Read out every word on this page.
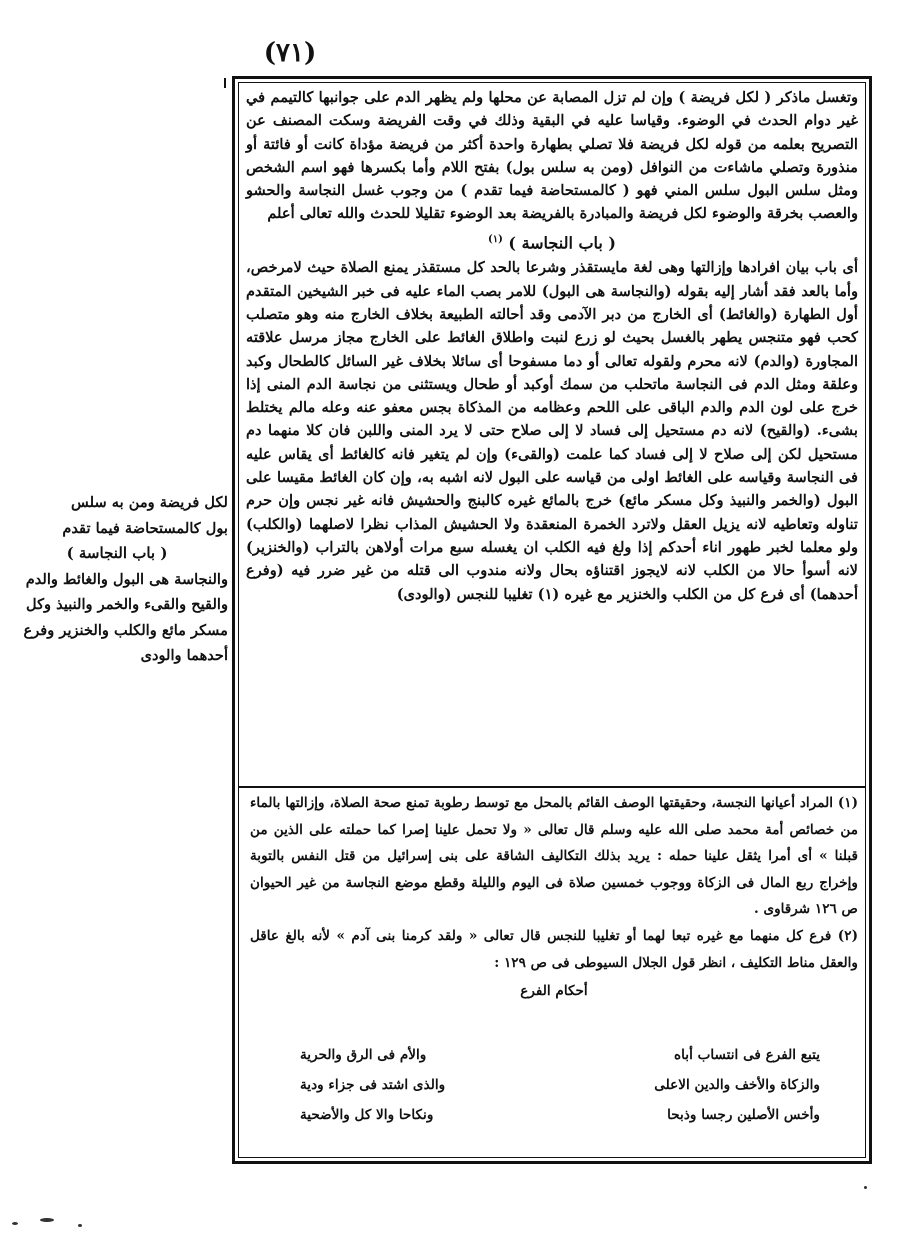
(٧١)

وتغسل ماذكر ( لكل فريضة ) وإن لم تزل المصابة عن محلها ولم يظهر الدم على جوانبها كالتيمم في غير دوام الحدث في الوضوء. وقياسا عليه في البقية وذلك في وقت الفريضة وسكت المصنف عن التصريح بعلمه من قوله لكل فريضة فلا تصلي بطهارة واحدة أكثر من فريضة مؤداة كانت أو فائتة أو منذورة وتصلي ماشاءت من النوافل (ومن به سلس بول) بفتح اللام وأما بكسرها فهو اسم الشخص ومثل سلس البول سلس المني فهو ( كالمستحاضة فيما تقدم ) من وجوب غسل النجاسة والحشو والعصب بخرقة والوضوء لكل فريضة والمبادرة بالفريضة بعد الوضوء تقليلا للحدث والله تعالى أعلم

( باب النجاسة ) $^{(١)}$

أى باب بيان افرادها وإزالتها وهى لغة مايستقذر وشرعا بالحد كل مستقذر يمنع الصلاة حيث لامرخص، وأما بالعد فقد أشار إليه بقوله (والنجاسة هى البول) للامر بصب الماء عليه فى خبر الشيخين المتقدم أول الطهارة (والغائط) أى الخارج من دبر الآدمى وقد أحالته الطبيعة بخلاف الخارج منه وهو متصلب كحب فهو متنجس يطهر بالغسل بحيث لو زرع لنبت واطلاق الغائط على الخارج مجاز مرسل علاقته المجاورة (والدم) لانه محرم ولقوله تعالى أو دما مسفوحا أى سائلا بخلاف غير السائل كالطحال وكبد وعلقة ومثل الدم فى النجاسة ماتحلب من سمك أوكبد أو طحال ويستثنى من نجاسة الدم المنى إذا خرج على لون الدم والدم الباقى على اللحم وعظامه من المذكاة بجس معفو عنه وعله مالم يختلط بشىء. (والقيح) لانه دم مستحيل إلى فساد لا إلى صلاح حتى لا يرد المنى واللبن فان كلا منهما دم مستحيل لكن إلى صلاح لا إلى فساد كما علمت (والقىء) وإن لم يتغير فانه كالغائط أى يقاس عليه فى النجاسة وقياسه على الغائط اولى من قياسه على البول لانه اشبه به، وإن كان الغائط مقيسا على البول (والخمر والنبيذ وكل مسكر مائع) خرج بالمائع غيره كالبنج والحشيش فانه غير نجس وإن حرم تناوله وتعاطيه لانه يزيل العقل ولاترد الخمرة المنعقدة ولا الحشيش المذاب نظرا لاصلهما (والكلب) ولو معلما لخبر طهور اناء أحدكم إذا ولغ فيه الكلب ان يغسله سبع مرات أولاهن بالتراب (والخنزير) لانه أسوأ حالا من الكلب لانه لايجوز اقتناؤه بحال ولانه مندوب الى قتله من غير ضرر فيه (وفرع أحدهما) أى فرع كل من الكلب والخنزير مع غيره (١) تغليبا للنجس (والودى)

(١) المراد أعيانها النجسة، وحقيقتها الوصف القائم بالمحل مع توسط رطوبة تمنع صحة الصلاة، وإزالتها بالماء من خصائص أمة محمد صلى الله عليه وسلم قال تعالى « ولا تحمل علينا إصرا كما حملته على الذين من قبلنا » أى أمرا يثقل علينا حمله : يريد بذلك التكاليف الشاقة على بنى إسرائيل من قتل النفس بالتوبة وإخراج ربع المال فى الزكاة ووجوب خمسين صلاة فى اليوم والليلة وقطع موضع النجاسة من غير الحيوان ص ١٢٦ شرقاوى .

(٢) فرع كل منهما مع غيره تبعا لهما أو تغليبا للنجس قال تعالى « ولقد كرمنا بنى آدم » لأنه بالغ عاقل والعقل مناط التكليف ، انظر قول الجلال السيوطى فى ص ١٢٩ :

أحكام الفرع

يتبع الفرع فى انتساب أباه
والأم فى الرق والحرية
والزكاة والأخف والدين الاعلى
والذى اشتد فى جزاء ودية
وأخس الأصلين رجسا وذبحا
ونكاحا والا كل والأضحية

لكل فريضة ومن به سلس

بول كالمستحاضة فيما تقدم

( باب النجاسة )

والنجاسة هى البول والغائط والدم والقيح والقىء والخمر والنبيذ وكل مسكر مائع والكلب والخنزير وفرع أحدهما والودى
